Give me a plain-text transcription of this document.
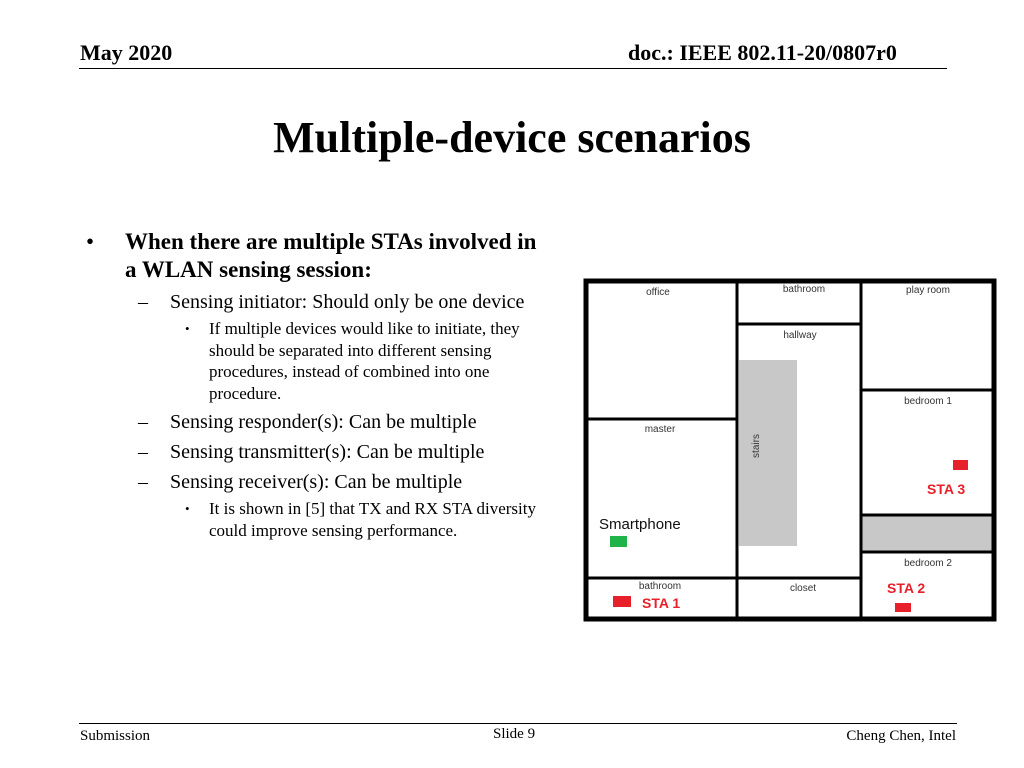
May 2020	doc.: IEEE 802.11-20/0807r0
Multiple-device scenarios
• When there are multiple STAs involved in a WLAN sensing session:
– Sensing initiator: Should only be one device
• If multiple devices would like to initiate, they should be separated into different sensing procedures, instead of combined into one procedure.
– Sensing responder(s): Can be multiple
– Sensing transmitter(s): Can be multiple
– Sensing receiver(s): Can be multiple
• It is shown in [5] that TX and RX STA diversity could improve sensing performance.
office	bathroom	play room
hallway
bedroom 1
master
stairs
bathroom	closet
bedroom 2
STA 3
Smartphone
STA 1
STA 2
Submission	Slide 9	Cheng Chen, Intel
